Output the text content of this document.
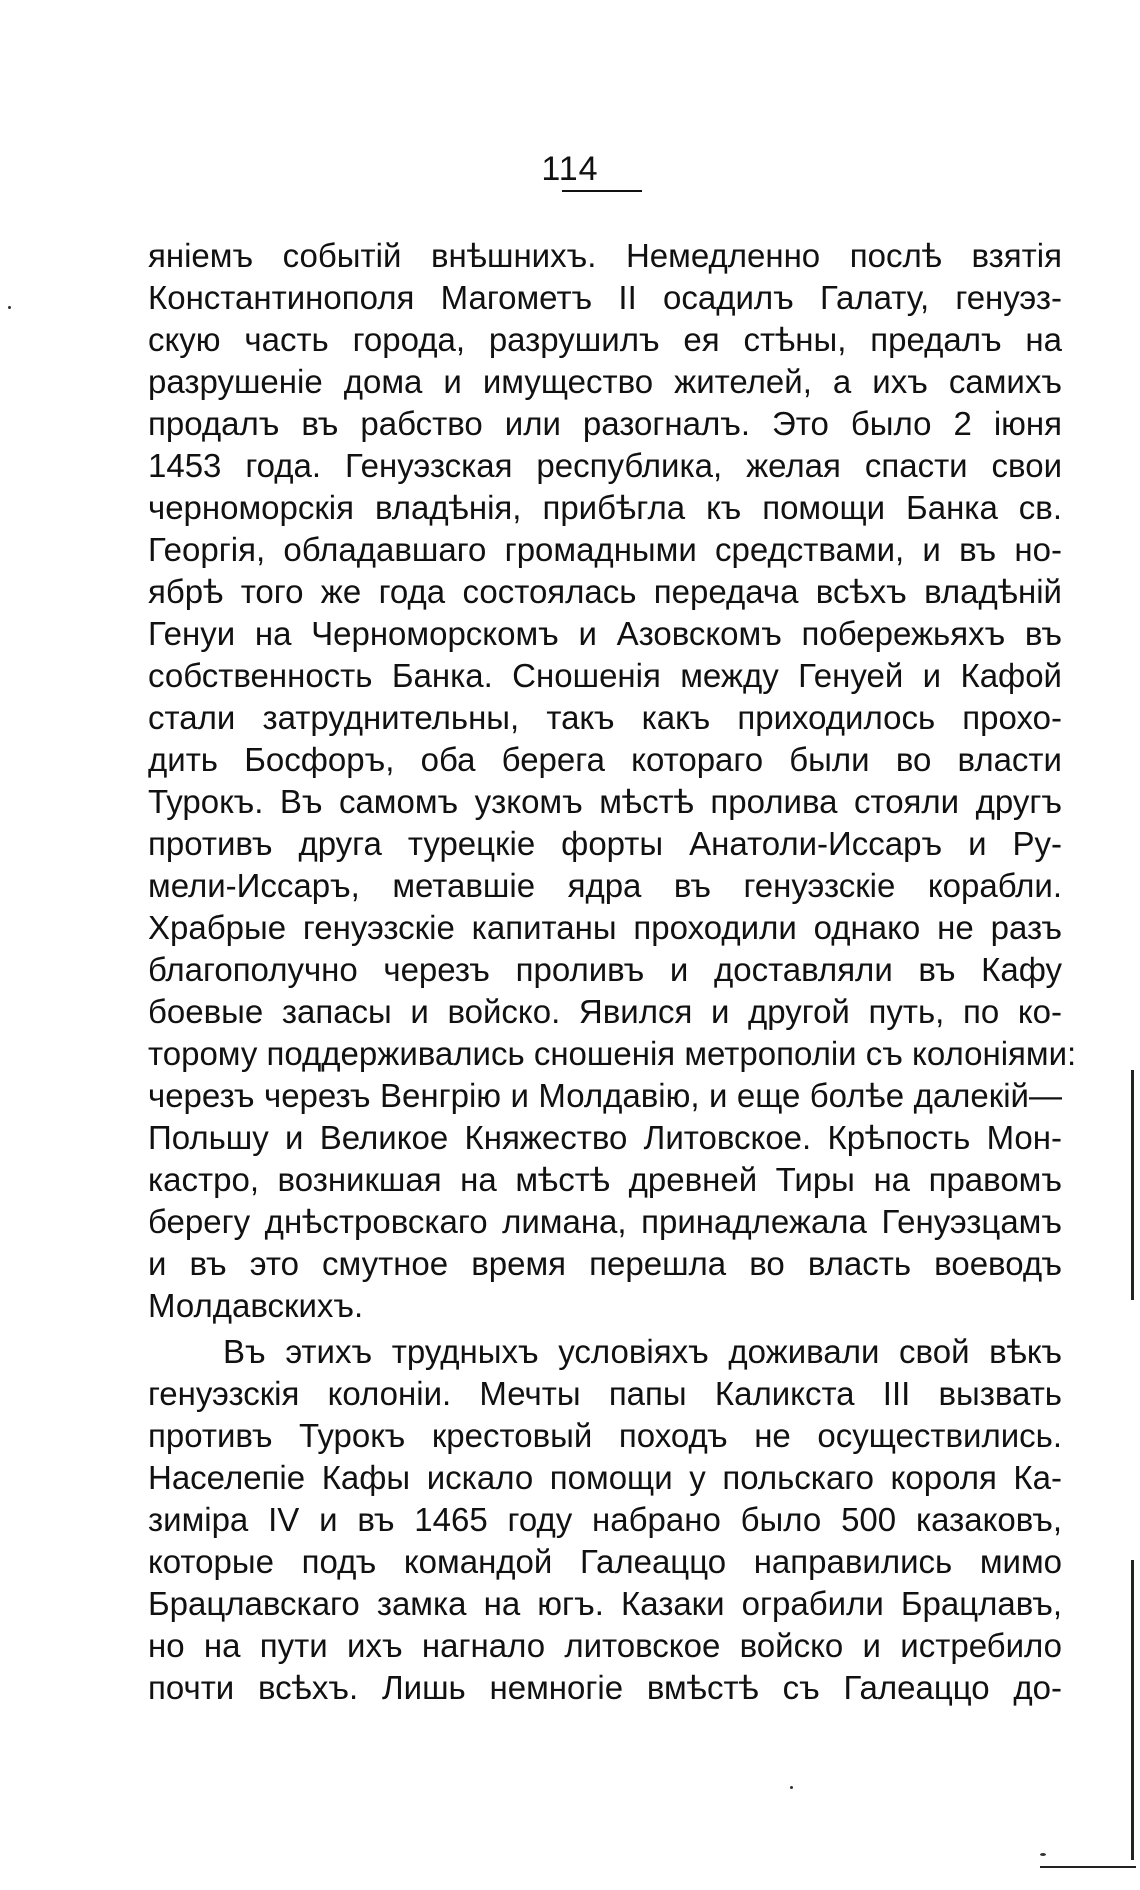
114
яніемъ событій внѣшнихъ. Немедленно послѣ взятія
Константинополя Магометъ II осадилъ Галату, генуэз-
скую часть города, разрушилъ ея стѣны, предалъ на
разрушеніе дома и имущество жителей, а ихъ самихъ
продалъ въ рабство или разогналъ. Это было 2 іюня
1453 года. Генуэзская республика, желая спасти свои
черноморскія владѣнія, прибѣгла къ помощи Банка св.
Георгія, обладавшаго громадными средствами, и въ но-
ябрѣ того же года состоялась передача всѣхъ владѣній
Генуи на Черноморскомъ и Азовскомъ побережьяхъ въ
собственность Банка. Сношенія между Генуей и Кафой
стали затруднительны, такъ какъ приходилось прохо-
дить Босфоръ, оба берега котораго были во власти
Турокъ. Въ самомъ узкомъ мѣстѣ пролива стояли другъ
противъ друга турецкіе форты Анатоли-Иссаръ и Ру-
мели-Иссаръ, метавшіе ядра въ генуэзскіе корабли.
Храбрые генуэзскіе капитаны проходили однако не разъ
благополучно черезъ проливъ и доставляли въ Кафу
боевые запасы и войско. Явился и другой путь, по ко-
торому поддерживались сношенія метрополіи съ колоніями:
черезъ черезъ Венгрію и Молдавію, и еще болѣе далекій—
Польшу и Великое Княжество Литовское. Крѣпость Мон-
кастро, возникшая на мѣстѣ древней Тиры на правомъ
берегу днѣстровскаго лимана, принадлежала Генуэзцамъ
и въ это смутное время перешла во власть воеводъ
Молдавскихъ.
Въ этихъ трудныхъ условіяхъ доживали свой вѣкъ
генуэзскія колоніи. Мечты папы Каликста III вызвать
противъ Турокъ крестовый походъ не осуществились.
Населепіе Кафы искало помощи у польскаго короля Ка-
зиміра IV и въ 1465 году набрано было 500 казаковъ,
которые подъ командой Галеаццо направились мимо
Брацлавскаго замка на югъ. Казаки ограбили Брацлавъ,
но на пути ихъ нагнало литовское войско и истребило
почти всѣхъ. Лишь немногіе вмѣстѣ съ Галеаццо до-
